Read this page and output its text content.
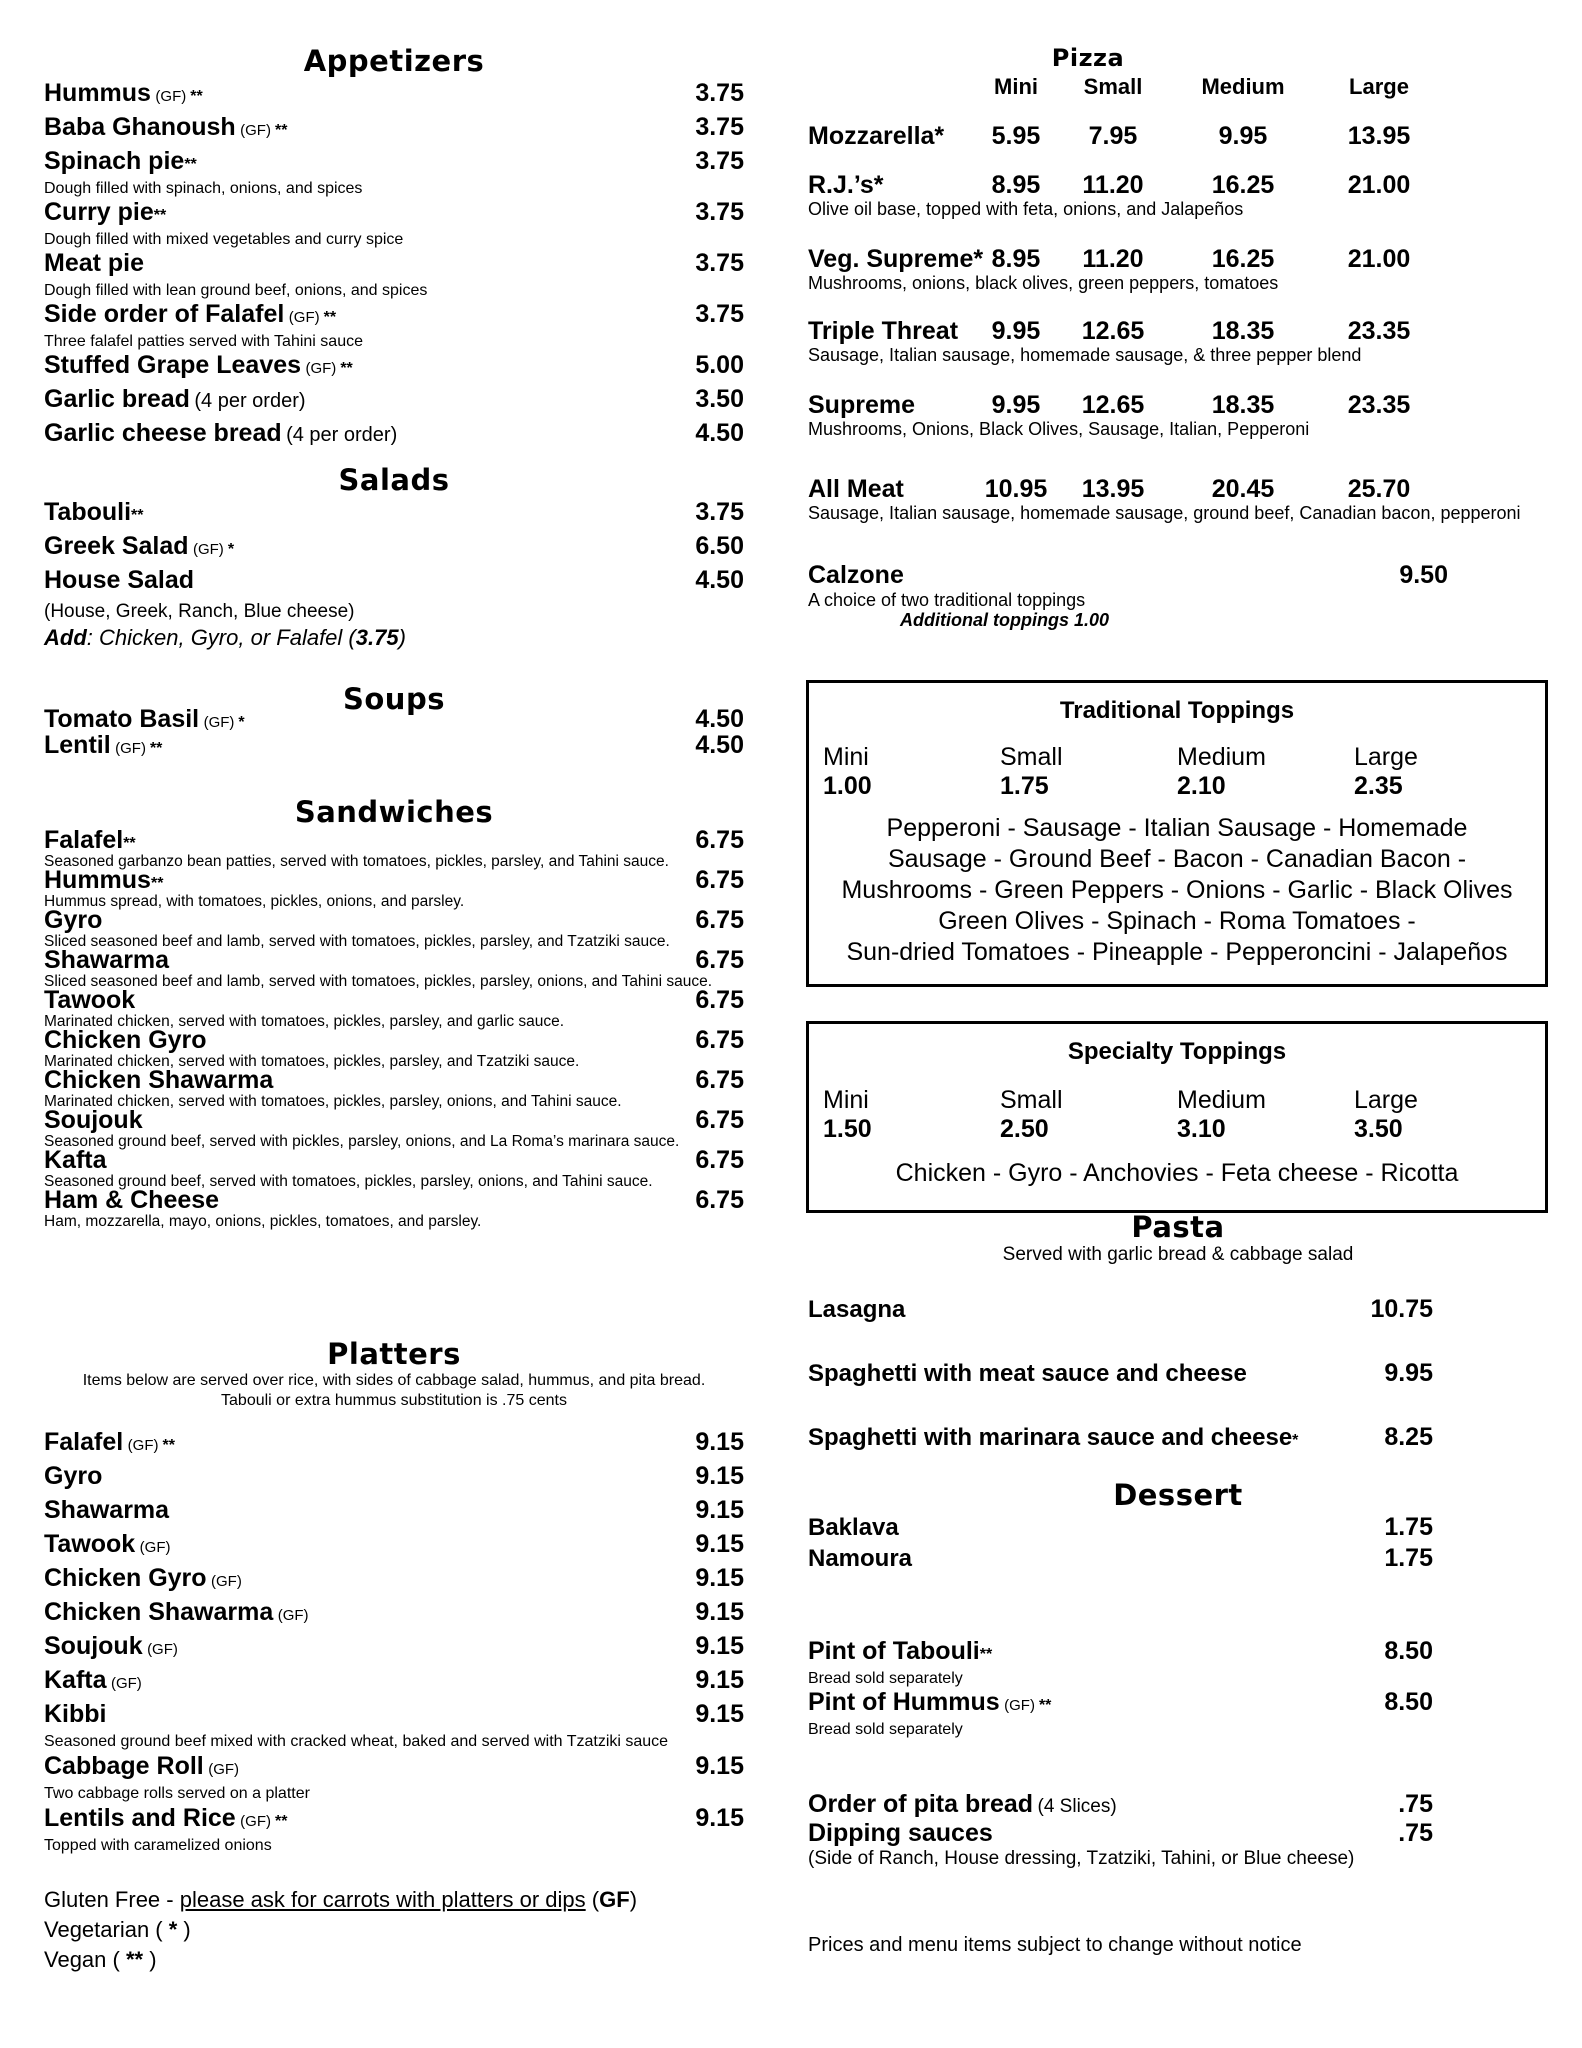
Appetizers
Hummus (GF) **	3.75
Baba Ghanoush (GF) **	3.75
Spinach pie**	3.75
Dough filled with spinach, onions, and spices
Curry pie**	3.75
Dough filled with mixed vegetables and curry spice
Meat pie	3.75
Dough filled with lean ground beef, onions, and spices
Side order of Falafel (GF) **	3.75
Three falafel patties served with Tahini sauce
Stuffed Grape Leaves (GF) **	5.00
Garlic bread (4 per order)	3.50
Garlic cheese bread (4 per order)	4.50
Salads
Tabouli**	3.75
Greek Salad (GF) *	6.50
House Salad	4.50
(House, Greek, Ranch, Blue cheese)
Add: Chicken, Gyro, or Falafel (3.75)
Soups
Tomato Basil (GF) *	4.50
Lentil (GF) **	4.50
Sandwiches
Falafel**	6.75
Seasoned garbanzo bean patties, served with tomatoes, pickles, parsley, and Tahini sauce.
Hummus**	6.75
Hummus spread, with tomatoes, pickles, onions, and parsley.
Gyro	6.75
Sliced seasoned beef and lamb, served with tomatoes, pickles, parsley, and Tzatziki sauce.
Shawarma	6.75
Sliced seasoned beef and lamb, served with tomatoes, pickles, parsley, onions, and Tahini sauce.
Tawook	6.75
Marinated chicken, served with tomatoes, pickles, parsley, and garlic sauce.
Chicken Gyro	6.75
Marinated chicken, served with tomatoes, pickles, parsley, and Tzatziki sauce.
Chicken Shawarma	6.75
Marinated chicken, served with tomatoes, pickles, parsley, onions, and Tahini sauce.
Soujouk	6.75
Seasoned ground beef, served with pickles, parsley, onions, and La Roma’s marinara sauce.
Kafta	6.75
Seasoned ground beef, served with tomatoes, pickles, parsley, onions, and Tahini sauce.
Ham & Cheese	6.75
Ham, mozzarella, mayo, onions, pickles, tomatoes, and parsley.
Platters
Items below are served over rice, with sides of cabbage salad, hummus, and pita bread. Tabouli or extra hummus substitution is .75 cents
Falafel (GF) **	9.15
Gyro	9.15
Shawarma	9.15
Tawook (GF)	9.15
Chicken Gyro (GF)	9.15
Chicken Shawarma (GF)	9.15
Soujouk (GF)	9.15
Kafta (GF)	9.15
Kibbi	9.15
Seasoned ground beef mixed with cracked wheat, baked and served with Tzatziki sauce
Cabbage Roll (GF)	9.15
Two cabbage rolls served on a platter
Lentils and Rice (GF) **	9.15
Topped with caramelized onions
Gluten Free - please ask for carrots with platters or dips (GF)
Vegetarian ( * )
Vegan ( ** )
Pizza
Mini	Small	Medium	Large
Mozzarella*	5.95	7.95	9.95	13.95
R.J.’s*	8.95	11.20	16.25	21.00
Olive oil base, topped with feta, onions, and Jalapeños
Veg. Supreme* 8.95	11.20	16.25	21.00
Mushrooms, onions, black olives, green peppers, tomatoes
Triple Threat	9.95	12.65	18.35	23.35
Sausage, Italian sausage, homemade sausage, & three pepper blend
Supreme	9.95	12.65	18.35	23.35
Mushrooms, Onions, Black Olives, Sausage, Italian, Pepperoni
All Meat	10.95	13.95	20.45	25.70
Sausage, Italian sausage, homemade sausage, ground beef, Canadian bacon, pepperoni
Calzone	9.50
A choice of two traditional toppings
Additional toppings 1.00
Traditional Toppings
Mini	Small	Medium	Large
1.00	1.75	2.10	2.35
Pepperoni - Sausage - Italian Sausage - Homemade
Sausage - Ground Beef - Bacon - Canadian Bacon -
Mushrooms - Green Peppers - Onions - Garlic - Black Olives
Green Olives - Spinach - Roma Tomatoes -
Sun-dried Tomatoes - Pineapple - Pepperoncini - Jalapeños
Specialty Toppings
Mini	Small	Medium	Large
1.50	2.50	3.10	3.50
Chicken - Gyro - Anchovies - Feta cheese - Ricotta
Pasta
Served with garlic bread & cabbage salad
Lasagna	10.75
Spaghetti with meat sauce and cheese	9.95
Spaghetti with marinara sauce and cheese*	8.25
Dessert
Baklava	1.75
Namoura	1.75
Pint of Tabouli**	8.50
Bread sold separately
Pint of Hummus (GF) **	8.50
Bread sold separately
Order of pita bread (4 Slices)	.75
Dipping sauces	.75
(Side of Ranch, House dressing, Tzatziki, Tahini, or Blue cheese)
Prices and menu items subject to change without notice
